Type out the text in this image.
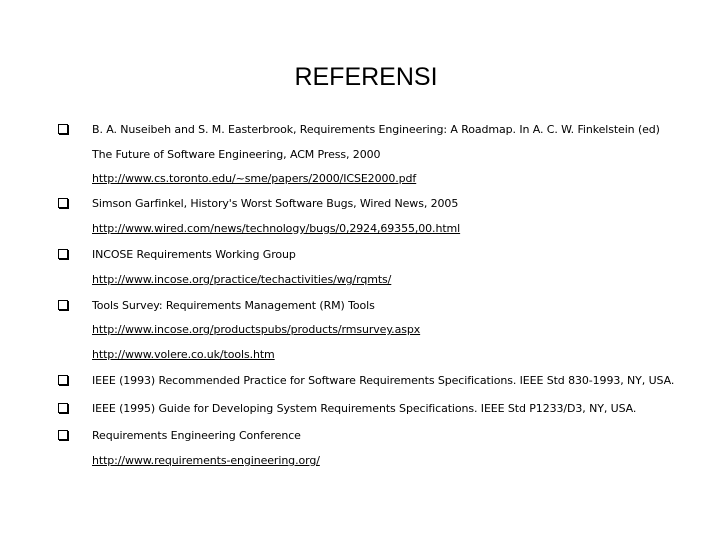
REFERENSI
B. A. Nuseibeh and S. M. Easterbrook, Requirements Engineering: A Roadmap. In A. C. W. Finkelstein (ed)
The Future of Software Engineering, ACM Press, 2000
http://www.cs.toronto.edu/~sme/papers/2000/ICSE2000.pdf
Simson Garfinkel, History's Worst Software Bugs, Wired News, 2005
http://www.wired.com/news/technology/bugs/0,2924,69355,00.html
INCOSE Requirements Working Group
http://www.incose.org/practice/techactivities/wg/rqmts/
Tools Survey: Requirements Management (RM) Tools
http://www.incose.org/productspubs/products/rmsurvey.aspx
http://www.volere.co.uk/tools.htm
IEEE (1993) Recommended Practice for Software Requirements Specifications. IEEE Std 830-1993, NY, USA.
IEEE (1995) Guide for Developing System Requirements Specifications. IEEE Std P1233/D3, NY, USA.
Requirements Engineering Conference
http://www.requirements-engineering.org/
